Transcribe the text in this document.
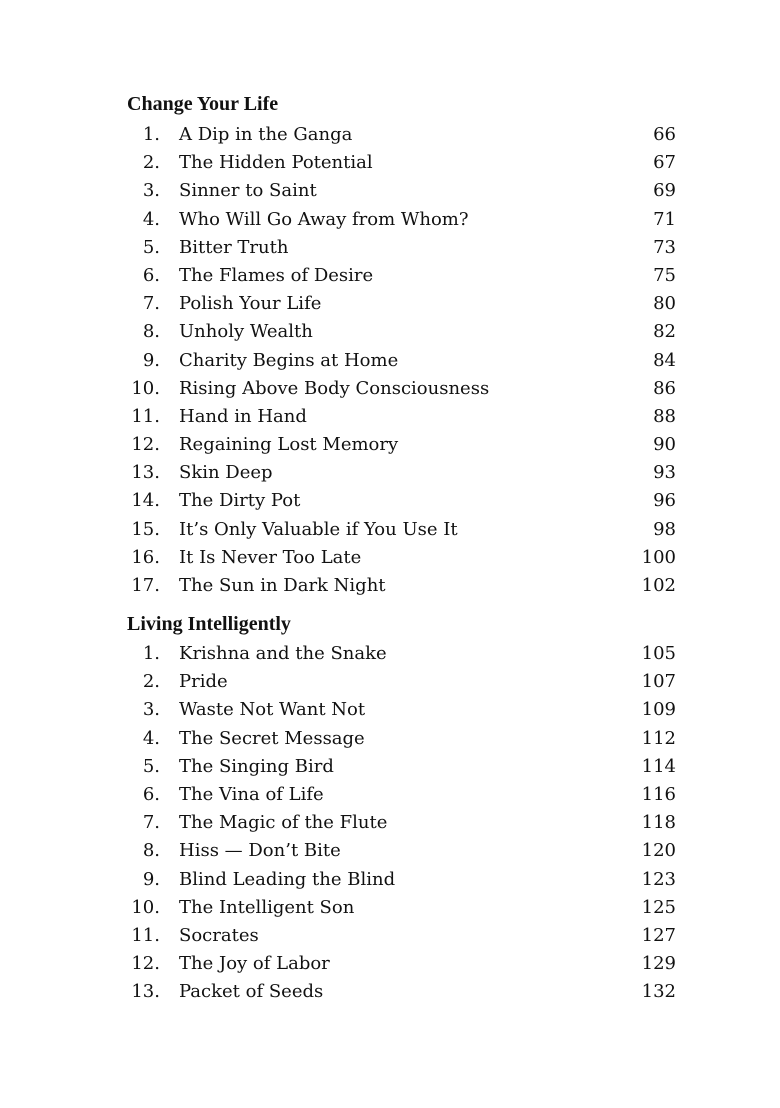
Change Your Life
1. A Dip in the Ganga	66
2. The Hidden Potential	67
3. Sinner to Saint	69
4. Who Will Go Away from Whom?	71
5. Bitter Truth	73
6. The Flames of Desire	75
7. Polish Your Life	80
8. Unholy Wealth	82
9. Charity Begins at Home	84
10. Rising Above Body Consciousness	86
11. Hand in Hand	88
12. Regaining Lost Memory	90
13. Skin Deep	93
14. The Dirty Pot	96
15. It’s Only Valuable if You Use It	98
16. It Is Never Too Late	100
17. The Sun in Dark Night	102
Living Intelligently
1. Krishna and the Snake	105
2. Pride	107
3. Waste Not Want Not	109
4. The Secret Message	112
5. The Singing Bird	114
6. The Vina of Life	116
7. The Magic of the Flute	118
8. Hiss — Don’t Bite	120
9. Blind Leading the Blind	123
10. The Intelligent Son	125
11. Socrates	127
12. The Joy of Labor	129
13. Packet of Seeds	132
